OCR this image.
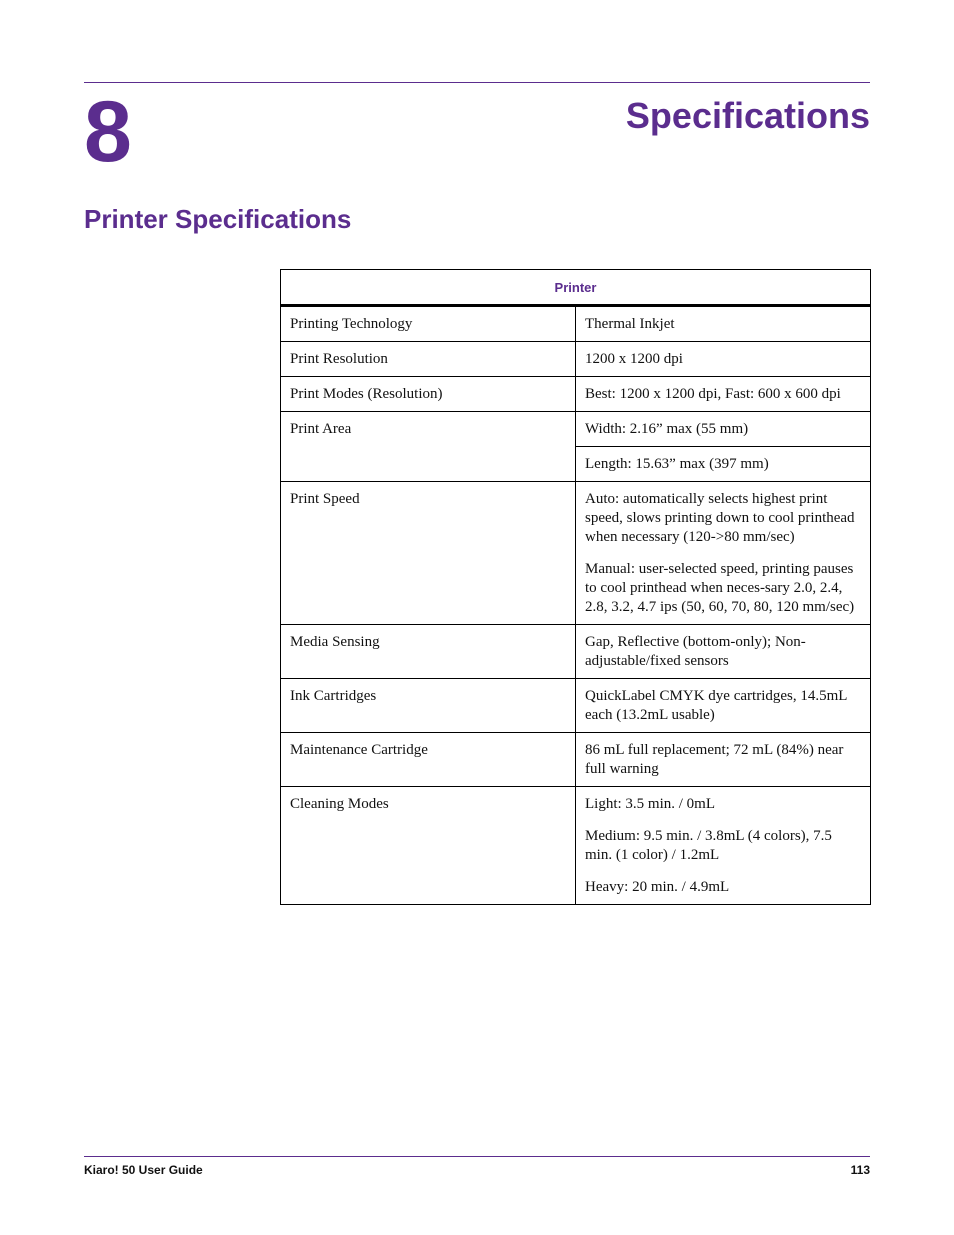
8	Specifications
Printer Specifications
Printer	
Printing Technology	Thermal Inkjet
Print Resolution	1200 x 1200 dpi
Print Modes (Resolution)	Best: 1200 x 1200 dpi, Fast: 600 x 600 dpi
Print Area	Width: 2.16” max (55 mm)
	Length: 15.63” max (397 mm)
Print Speed	Auto: automatically selects highest print speed, slows printing down to cool printhead when necessary (120->80 mm/sec)

Manual: user-selected speed, printing pauses to cool printhead when neces-sary 2.0, 2.4, 2.8, 3.2, 4.7 ips (50, 60, 70, 80, 120 mm/sec)

Media Sensing	Gap, Reflective (bottom-only); Non-adjustable/fixed sensors
Ink Cartridges	QuickLabel CMYK dye cartridges, 14.5mL each (13.2mL usable)
Maintenance Cartridge	86 mL full replacement; 72 mL (84%) near full warning
Cleaning Modes	Light: 3.5 min. / 0mL

Medium: 9.5 min. / 3.8mL (4 colors), 7.5 min. (1 color) / 1.2mL

Heavy: 20 min. / 4.9mL

Kiaro! 50 User Guide	113
